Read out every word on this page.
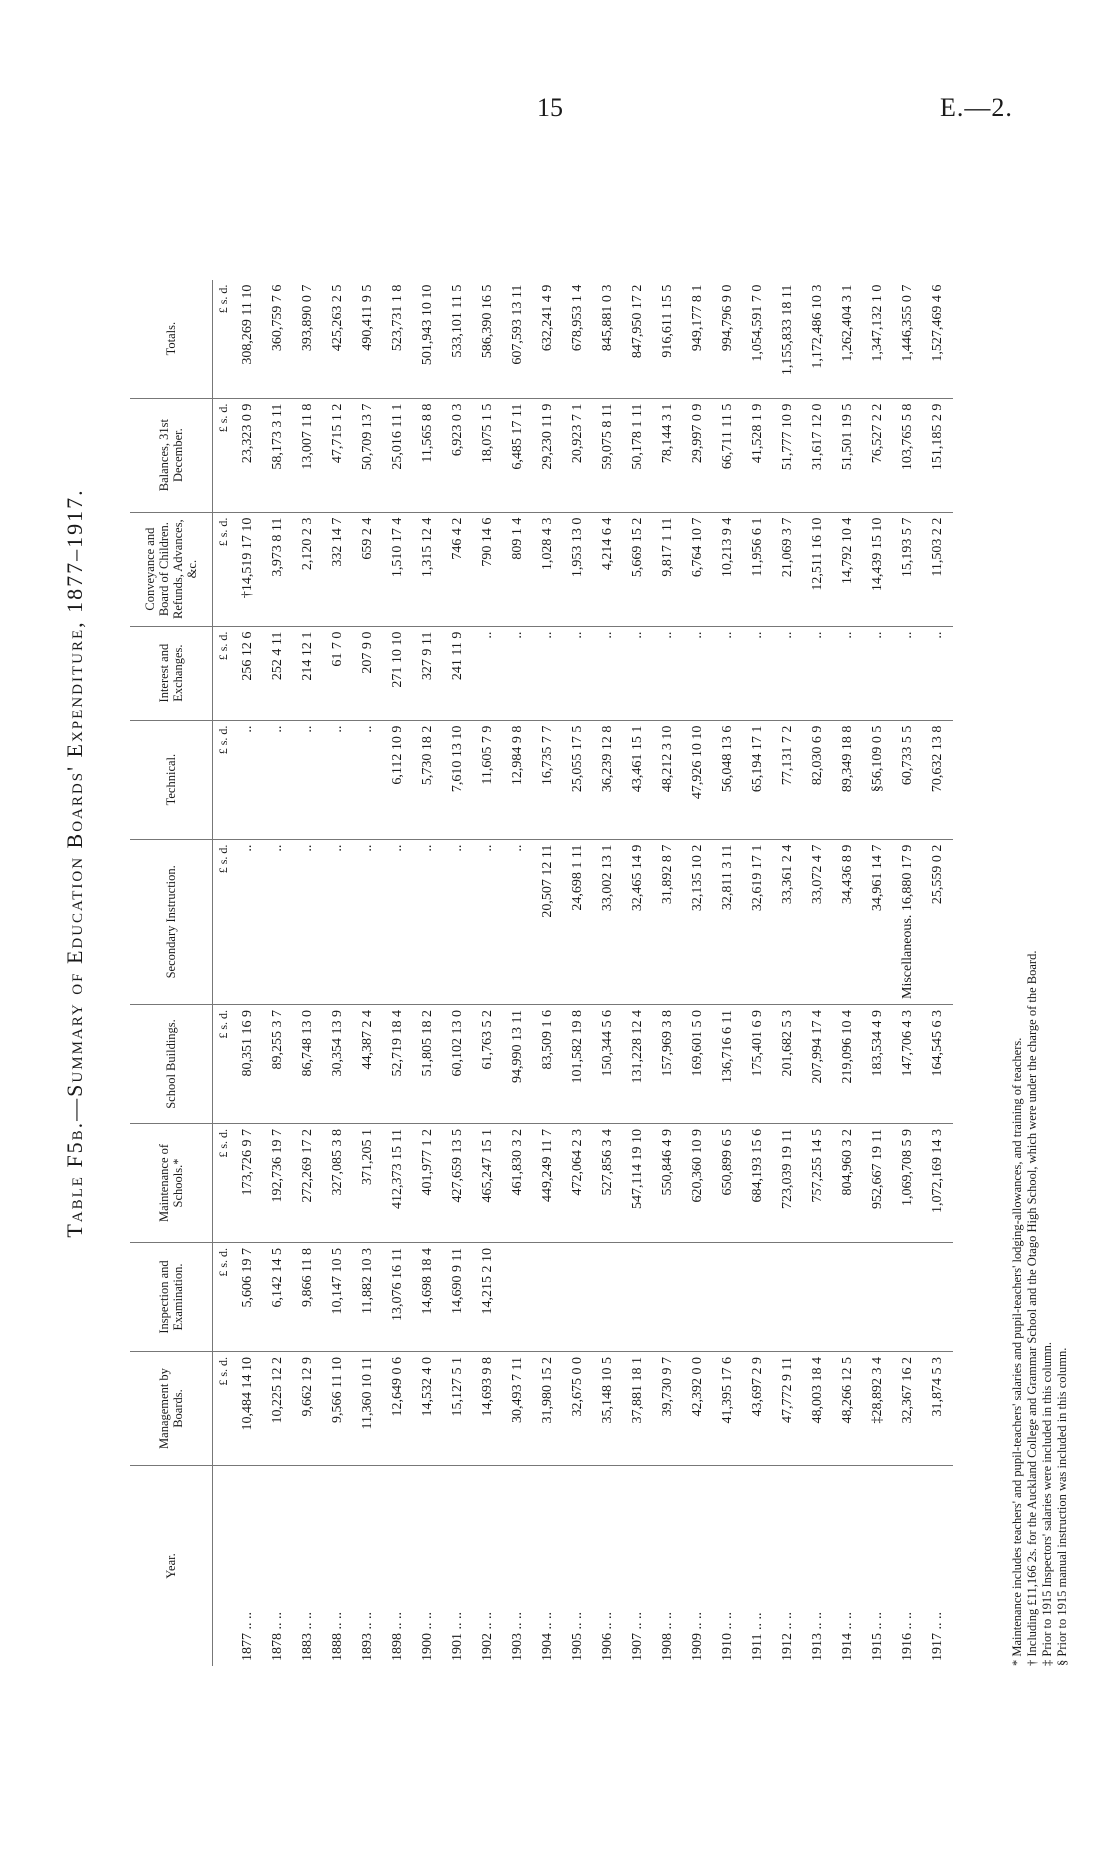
15	E.—2.
Table F5b.—Summary of Education Boards' Expenditure, 1877–1917.
Year.	Management by Boards.	Inspection and Examination.	Maintenance of Schools.*	School Buildings.	Secondary Instruction.	Technical.	Interest and Exchanges.	Conveyance and Board of Children. Refunds, Advances, &c.	Balances, 31st December.	Totals.
	£ s. d.	£ s. d.	£ s. d.	£ s. d.	£ s. d.	£ s. d.	£ s. d.	£ s. d.	£ s. d.	£ s. d.
1877 .. ..	10,484 14 10	5,606 19 7	173,726 9 7	80,351 16 9	..	..	256 12 6	†14,519 17 10	23,323 0 9	308,269 11 10
1878 .. ..	10,225 12 2	6,142 14 5	192,736 19 7	89,255 3 7	..	..	252 4 11	3,973 8 11	58,173 3 11	360,759 7 6
1883 .. ..	9,662 12 9	9,866 11 8	272,269 17 2	86,748 13 0	..	..	214 12 1	2,120 2 3	13,007 11 8	393,890 0 7
1888 .. ..	9,566 11 10	10,147 10 5	327,085 3 8	30,354 13 9	..	..	61 7 0	332 14 7	47,715 1 2	425,263 2 5
1893 .. ..	11,360 10 11	11,882 10 3	371,205 1	44,387 2 4	..	..	207 9 0	659 2 4	50,709 13 7	490,411 9 5
1898 .. ..	12,649 0 6	13,076 16 11	412,373 15 11	52,719 18 4	..	6,112 10 9	271 10 10	1,510 17 4	25,016 11 1	523,731 1 8
1900 .. ..	14,532 4 0	14,698 18 4	401,977 1 2	51,805 18 2	..	5,730 18 2	327 9 11	1,315 12 4	11,565 8 8	501,943 10 10
1901 .. ..	15,127 5 1	14,690 9 11	427,659 13 5	60,102 13 0	..	7,610 13 10	241 11 9	746 4 2	6,923 0 3	533,101 11 5
1902 .. ..	14,693 9 8	14,215 2 10	465,247 15 1	61,763 5 2	..	11,605 7 9	..	790 14 6	18,075 1 5	586,390 16 5
1903 .. ..	30,493 7 11		461,830 3 2	94,990 13 11	..	12,984 9 8	..	809 1 4	6,485 17 11	607,593 13 11
1904 .. ..	31,980 15 2		449,249 11 7	83,509 1 6	20,507 12 11	16,735 7 7	..	1,028 4 3	29,230 11 9	632,241 4 9
1905 .. ..	32,675 0 0		472,064 2 3	101,582 19 8	24,698 1 11	25,055 17 5	..	1,953 13 0	20,923 7 1	678,953 1 4
1906 .. ..	35,148 10 5		527,856 3 4	150,344 5 6	33,002 13 1	36,239 12 8	..	4,214 6 4	59,075 8 11	845,881 0 3
1907 .. ..	37,881 18 1		547,114 19 10	131,228 12 4	32,465 14 9	43,461 15 1	..	5,669 15 2	50,178 1 11	847,950 17 2
1908 .. ..	39,730 9 7		550,846 4 9	157,969 3 8	31,892 8 7	48,212 3 10	..	9,817 1 11	78,144 3 1	916,611 15 5
1909 .. ..	42,392 0 0		620,360 10 9	169,601 5 0	32,135 10 2	47,926 10 10	..	6,764 10 7	29,997 0 9	949,177 8 1
1910 .. ..	41,395 17 6		650,899 6 5	136,716 6 11	32,811 3 11	56,048 13 6	..	10,213 9 4	66,711 11 5	994,796 9 0
1911 .. ..	43,697 2 9		684,193 15 6	175,401 6 9	32,619 17 1	65,194 17 1	..	11,956 6 1	41,528 1 9	1,054,591 7 0
1912 .. ..	47,772 9 11		723,039 19 11	201,682 5 3	33,361 2 4	77,131 7 2	..	21,069 3 7	51,777 10 9	1,155,833 18 11
1913 .. ..	48,003 18 4		757,255 14 5	207,994 17 4	33,072 4 7	82,030 6 9	..	12,511 16 10	31,617 12 0	1,172,486 10 3
1914 .. ..	48,266 12 5		804,960 3 2	219,096 10 4	34,436 8 9	89,349 18 8	..	14,792 10 4	51,501 19 5	1,262,404 3 1
1915 .. ..	‡28,892 3 4		952,667 19 11	183,534 4 9	34,961 14 7	§56,109 0 5	..	14,439 15 10	76,527 2 2	1,347,132 1 0
1916 .. ..	32,367 16 2		1,069,708 5 9	147,706 4 3	Miscellaneous. 16,880 17 9	60,733 5 5	..	15,193 5 7	103,765 5 8	1,446,355 0 7
1917 .. ..	31,874 5 3		1,072,169 14 3	164,545 6 3	25,559 0 2	70,632 13 8	..	11,503 2 2	151,185 2 9	1,527,469 4 6
* Maintenance includes teachers' and pupil-teachers' salaries and pupil-teachers' lodging-allowances, and training of teachers. † Including £11,166 2s. for the Auckland College and Grammar School and the Otago High School, which were under the charge of the Board. ‡ Prior to 1915 Inspectors' salaries were included in this column. § Prior to 1915 manual instruction was included in this column.
